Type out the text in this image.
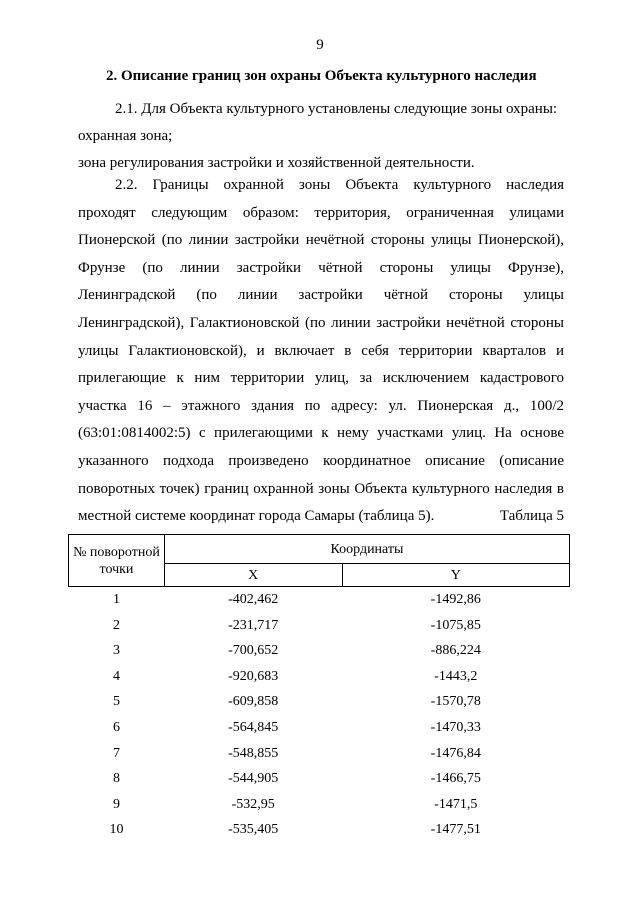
9
2. Описание границ зон охраны Объекта культурного наследия
2.1. Для Объекта культурного установлены следующие зоны охраны:
охранная зона;
зона регулирования застройки и хозяйственной деятельности.
2.2. Границы охранной зоны Объекта культурного наследия
проходят следующим образом: территория, ограниченная улицами
Пионерской (по линии застройки нечётной стороны улицы Пионерской),
Фрунзе (по линии застройки чётной стороны улицы Фрунзе),
Ленинградской (по линии застройки чётной стороны улицы
Ленинградской), Галактионовской (по линии застройки нечётной стороны
улицы Галактионовской), и включает в себя территории кварталов и
прилегающие к ним территории улиц, за исключением кадастрового
участка 16 – этажного здания по адресу: ул. Пионерская д., 100/2
(63:01:0814002:5) с прилегающими к нему участками улиц. На основе
указанного подхода произведено координатное описание (описание
поворотных точек) границ охранной зоны Объекта культурного наследия в
местной системе координат города Самары (таблица 5).	Таблица 5
№ поворотной точки	Координаты	
	X	Y
1	-402,462	-1492,86
2	-231,717	-1075,85
3	-700,652	-886,224
4	-920,683	-1443,2
5	-609,858	-1570,78
6	-564,845	-1470,33
7	-548,855	-1476,84
8	-544,905	-1466,75
9	-532,95	-1471,5
10	-535,405	-1477,51
